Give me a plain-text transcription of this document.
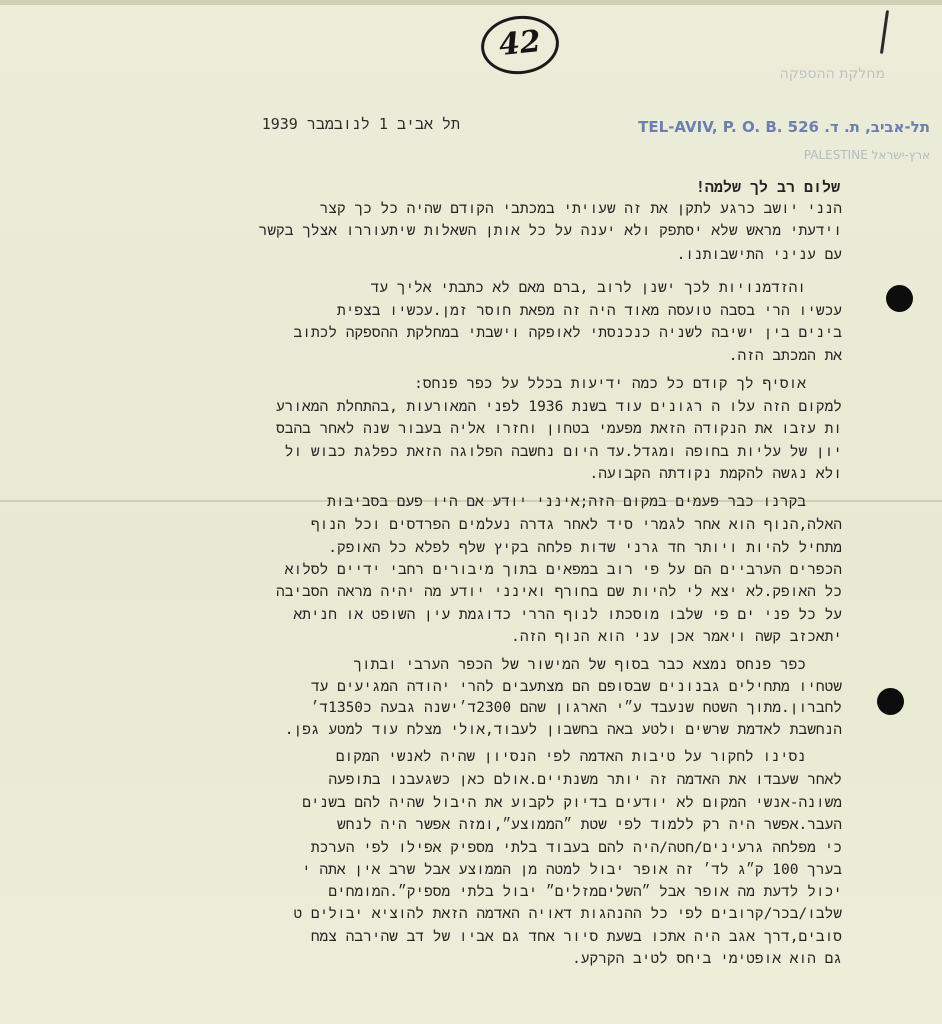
42
מחלקת ההספקה
תל-אביב, ת. ד. TEL-AVIV, P. O. B. 526
ארץ-ישראל PALESTINE
תל אביב 1 לנובמבר 1939
שלום רב לך שלמה!
הנני יושב כרגע לתקן את זה שעויתי במכתבי הקודם שהיה כל כך קצר
וידעתי מראש שלא יסתפק ולא יענה על כל אותן השאלות שיתעוררו אצלך בקשר
עם עניני התישבותנו.
והזדמנויות לכך ישנן לרוב ,ברם מאם לא כתבתי אליך עד
עכשיו הרי בסבה טועסה מאוד היה זה מפאת חוסר זמן.עכשיו בצפית
בינים בין ישיבה לשניה כנכנסתי לאופקה וישבתי במחלקת ההספקה לכתוב
את המכתב הזה.
אוסיף לך קודם כל כמה ידיעות בכלל על כפר פנחס:
למקום הזה עלו ה רגונים עוד בשנת 1936 לפני המאורעות ,בהתחלת המאורע
ות עזבו את הנקודה הזאת מפעמי בטחון וחזרו אליה בעבור שנה לאחר בהבס
יון של עליות בחופה ומגדל.עד היום נחשבה הפלוגה הזאת כפלגת כבוש ול
ולא נגשה להקמת נקודתה הקבועה.
בקרנו כבר פעמים במקום הזה;אינני יודע אם היו פעם בסביבות
האלה,הנוף הוא אחר לגמרי סיד לאחר גדרה נעלמים הפרדסים וכל הנוף
מתחיל להיות ויותר חד גרני שדות פלחה בקיץ שלף לפלא כל האופק.
הכפרים הערביים הם על פי רוב במפאים בתוך מיבורים רחבי ידיים לסלוא
כל האופק.לא יצא לי להיות שם בחורף ואינני יודע מה יהיה מראה הסביבה
על כל פני ים פי שלבו מוסכתו לנוף הררי כדוגמת עין השופט או חניתא
יתאכזב קשה ויאמר אכן עני הוא הנוף הזה.
כפר פנחס נמצא כבר בסוף של המישור של הכפר הערבי ובתוך
שטחיו מתחילים גבנונים שבסופם הם מצתעבים להרי יהודה המגיעים עד
לחברון.מתוך השטח שנעבד ע״י הארגון שהם 2300ד׳ישנה גבעה כ1350ד׳
הנחשבת לאדמת שרשים ולטע באה בחשבון לעבוד,אולי מצלח עוד למטע גפן.
נסינו לחקור על טיבות האדמה לפי הנסיון שהיה לאנשי המקום
לאחר שעבדו את האדמה זה יותר משנתיים.אולם כאן כשגעבנו בתופעה
משונה-אנשי המקום לא יודעים בדיוק לקבוע את היבול שהיה להם בשנים
העבר.אפשר היה רק ללמוד לפי שטת ״הממוצע״,ומזה אפשר היה לנחש
כי מפלחה גרעינים/חטה/היה להם בעבוד בלתי מספיק אפילו לפי הערכת
בערך 100 ק״ג לד׳ זה אופר יבול למטה מן הממוצע אבל שרב אין אתה י
יכול לדעת מה אופר אבל ״השליםמזלים״ יבול בלתי מספיק״.המומחים
שלבו/בכר/קרובים לפי כל ההנהגות דאויה האדמה הזאת להוציא יבולים ט
סובים,דרך אגב היה אתכו בשעת סיור אחד גם אביו של דב שהירבה צמח
גם הוא אופטימי ביחס לטיב הקרקע.
